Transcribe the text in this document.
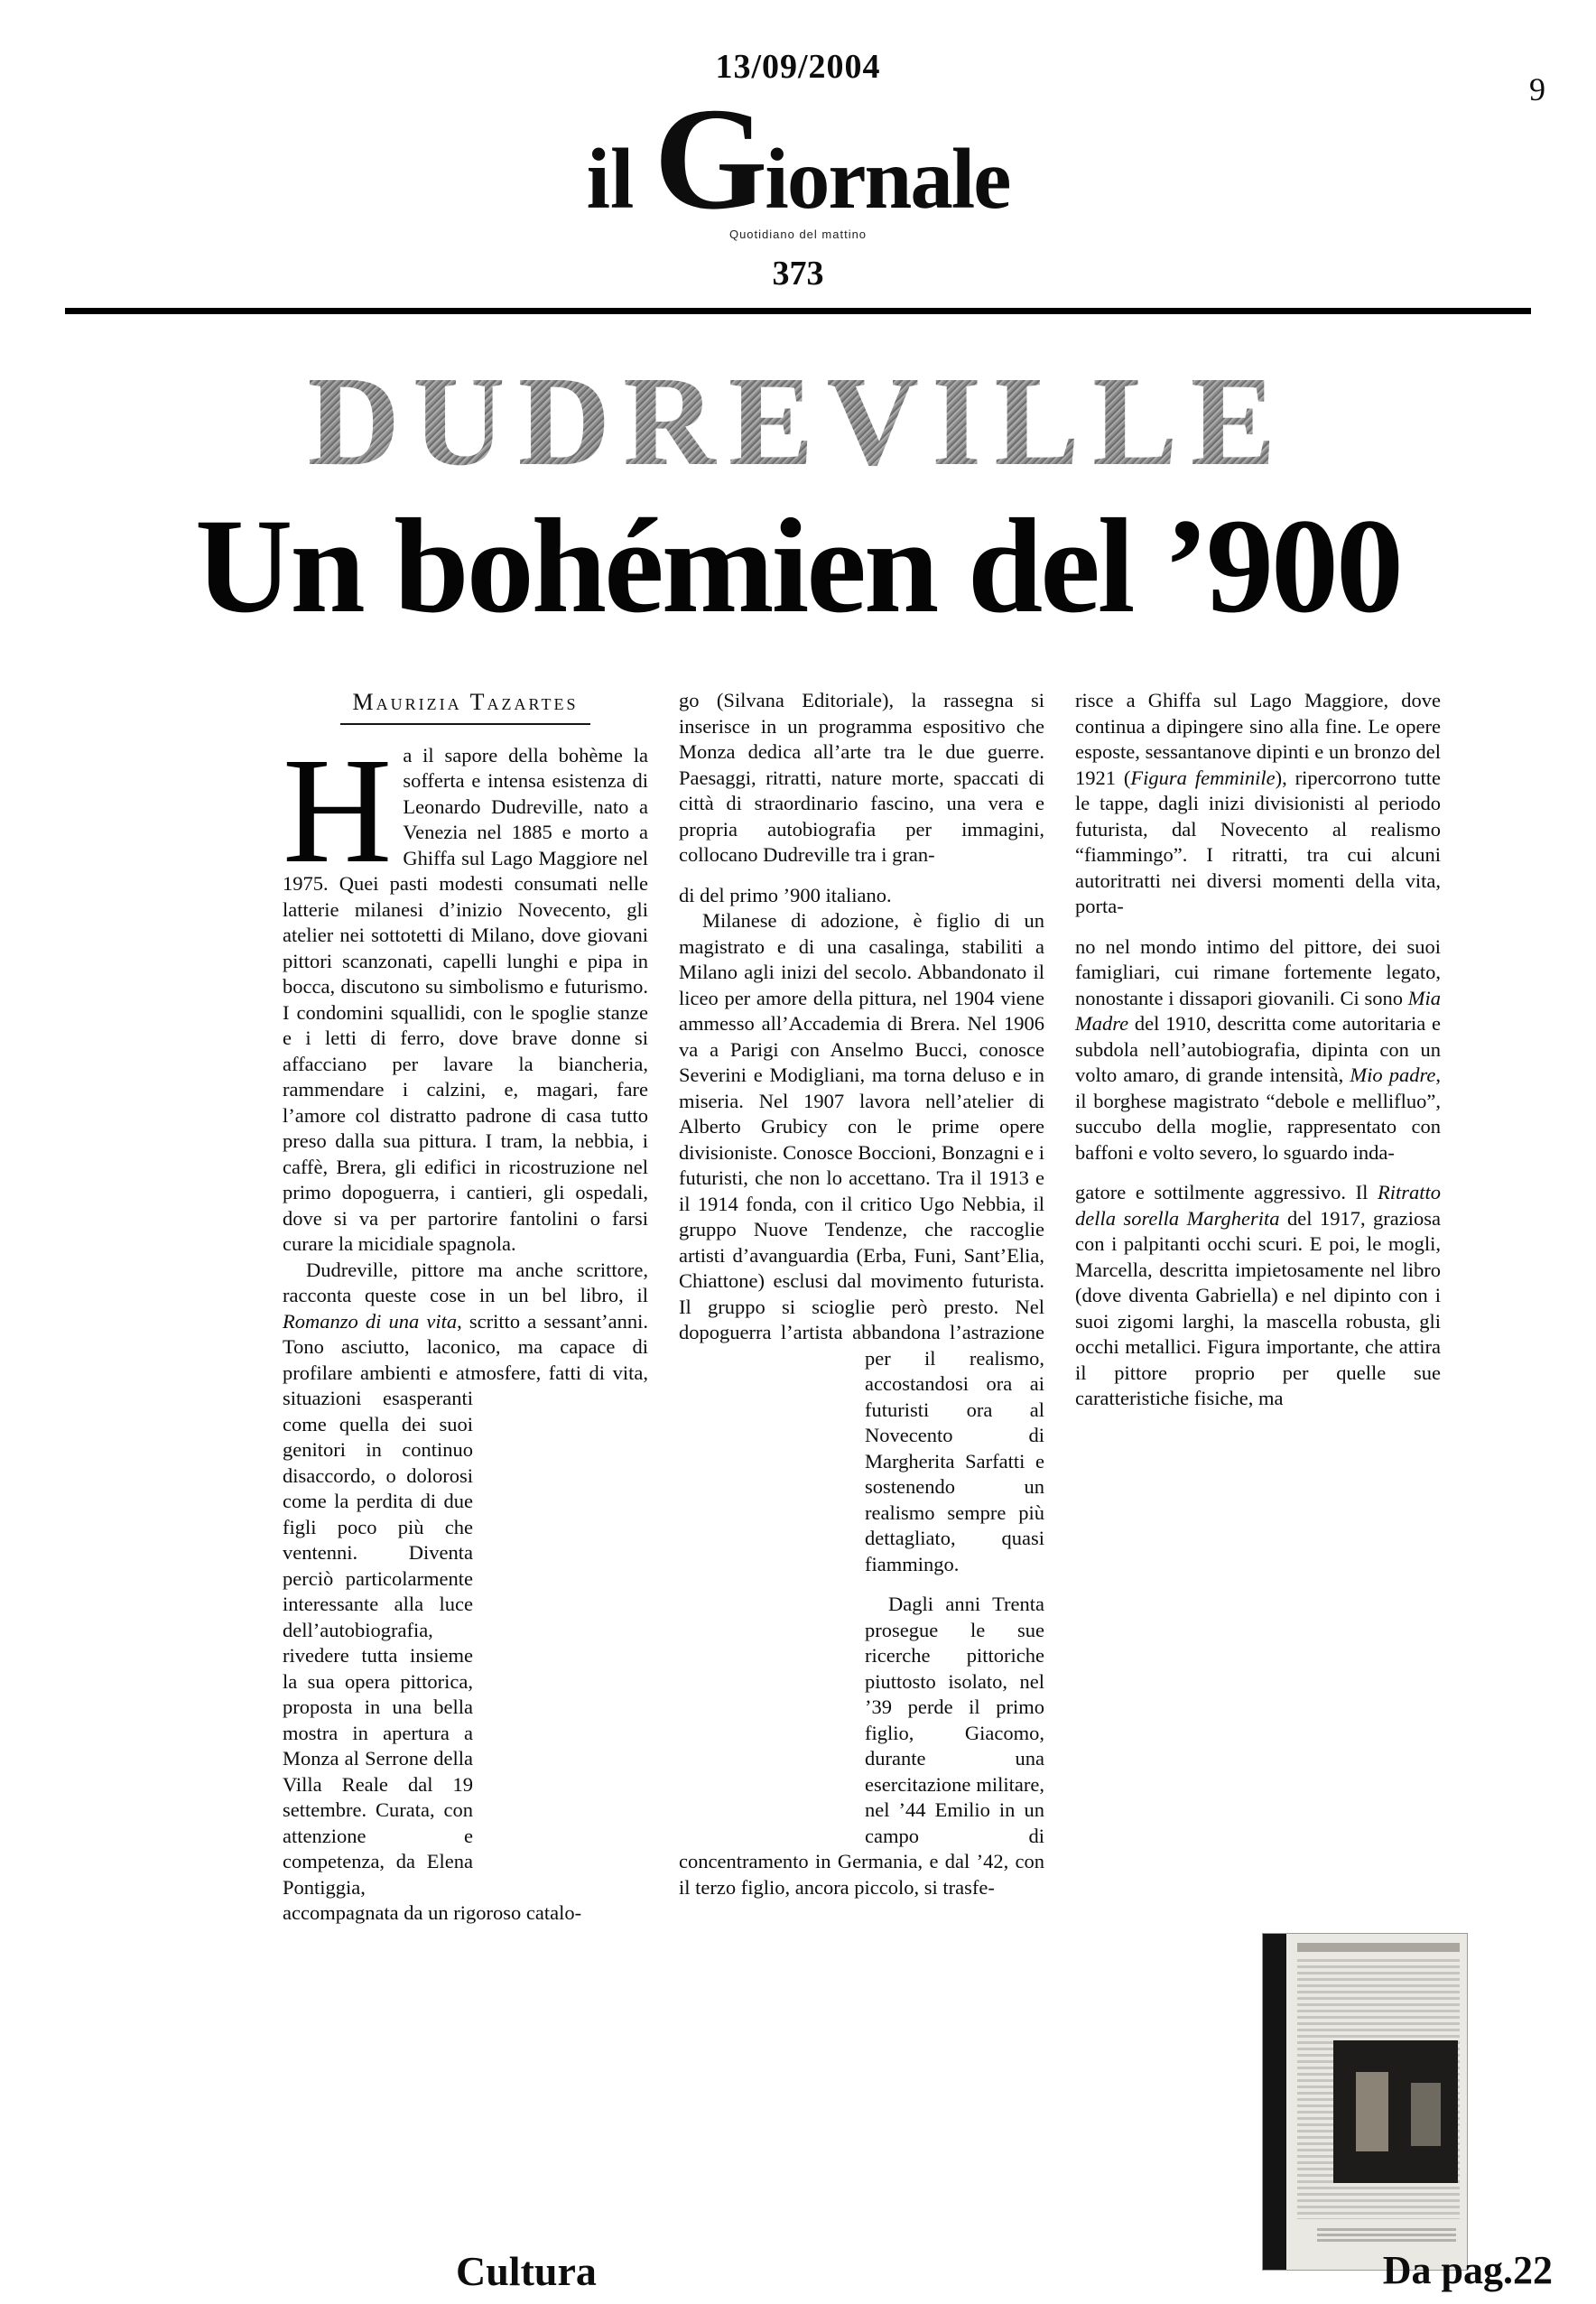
9
13/09/2004
il G iornale
Quotidiano del mattino
373
DUDREVILLE
Un bohémien del ’900
Maurizia Tazartes

Ha il sapore della bohème la sofferta e intensa esistenza di Leonardo Dudreville, nato a Venezia nel 1885 e morto a Ghiffa sul Lago Maggiore nel 1975. Quei pasti modesti consumati nelle latterie milanesi d’inizio Novecento, gli atelier nei sottotetti di Milano, dove giovani pittori scanzonati, capelli lunghi e pipa in bocca, discutono su simbolismo e futurismo. I condomini squallidi, con le spoglie stanze e i letti di ferro, dove brave donne si affacciano per lavare la biancheria, rammendare i calzini, e, magari, fare l’amore col distratto padrone di casa tutto preso dalla sua pittura. I tram, la nebbia, i caffè, Brera, gli edifici in ricostruzione nel primo dopoguerra, i cantieri, gli ospedali, dove si va per partorire fantolini o farsi curare la micidiale spagnola.

Dudreville, pittore ma anche scrittore, racconta queste cose in un bel libro, il Romanzo di una vita, scritto a sessant’anni. Tono asciutto, laconico, ma capace di profilare ambienti e atmosfere, fatti di
vita, situazioni esasperanti come quella dei suoi genitori in continuo disaccordo, o dolorosi come la perdita di due figli poco più che ventenni. Diventa perciò particolarmente interessante alla luce dell’autobiografia, rivedere tutta insieme la sua opera pittorica, proposta in una bella mostra in apertura a Monza al Serrone della Villa Reale dal 19 settembre. Curata, con attenzione e competenza, da Elena Pontiggia, accompagnata da un rigoroso catalo-

go (Silvana Editoriale), la rassegna si inserisce in un programma espositivo che Monza dedica all’arte tra le due guerre. Paesaggi, ritratti, nature morte, spaccati di città di straordinario fascino, una vera e propria autobiografia per immagini, collocano Dudreville tra i gran-

di del primo ’900 italiano.

Milanese di adozione, è figlio di un magistrato e di una casalinga, stabiliti a Milano agli inizi del secolo. Abbandonato il liceo per amore della pittura, nel 1904 viene ammesso all’Accademia di Brera. Nel 1906 va a Parigi con Anselmo Bucci, conosce Severini e Modigliani, ma torna deluso e in miseria. Nel 1907 lavora nell’atelier di Alberto Grubicy con le prime opere divisioniste. Conosce Boccioni, Bonzagni e i futuristi, che non lo accettano. Tra il 1913 e il 1914 fonda, con il critico Ugo Nebbia, il gruppo Nuove Tendenze, che raccoglie artisti d’avanguardia (Erba, Funi, Sant’Elia, Chiattone) esclusi dal movimento futurista. Il gruppo si scioglie però presto. Nel dopoguerra l’artista abbandona l’astrazione per il
realismo, accostandosi ora ai futuristi ora al Novecento di Margherita Sarfatti e sostenendo un realismo sempre più dettagliato, quasi fiammingo.

Dagli anni Trenta prosegue le sue ricerche pittoriche piuttosto isolato, nel ’39 perde il primo figlio, Giacomo, durante una esercitazione militare, nel ’44 Emilio in un campo di concentramento in Germania, e dal ’42, con il terzo figlio, ancora piccolo, si trasfe-

risce a Ghiffa sul Lago Maggiore, dove continua a dipingere sino alla fine. Le opere esposte, sessantanove dipinti e un bronzo del 1921 (Figura femminile), ripercorrono tutte le tappe, dagli inizi divisionisti al periodo futurista, dal Novecento al realismo “fiammingo”. I ritratti, tra cui alcuni autoritratti nei diversi momenti della vita, porta-

no nel mondo intimo del pittore, dei suoi famigliari, cui rimane fortemente legato, nonostante i dissapori giovanili. Ci sono Mia Madre del 1910, descritta come autoritaria e subdola nell’autobiografia, dipinta con un volto amaro, di grande intensità, Mio padre, il borghese magistrato “debole e mellifluo”, succubo della moglie, rappresentato con baffoni e volto severo, lo sguardo inda-

gatore e sottilmente aggressivo. Il Ritratto della sorella Margherita del 1917, graziosa con i palpitanti occhi scuri. E poi, le mogli, Marcella, descritta impietosamente nel libro (dove diventa Gabriella) e nel dipinto con i suoi zigomi larghi, la mascella robusta, gli occhi metallici. Figura importante, che attira il pittore proprio per quelle sue caratteristiche fisiche, ma

Cultura	Da pag.22
